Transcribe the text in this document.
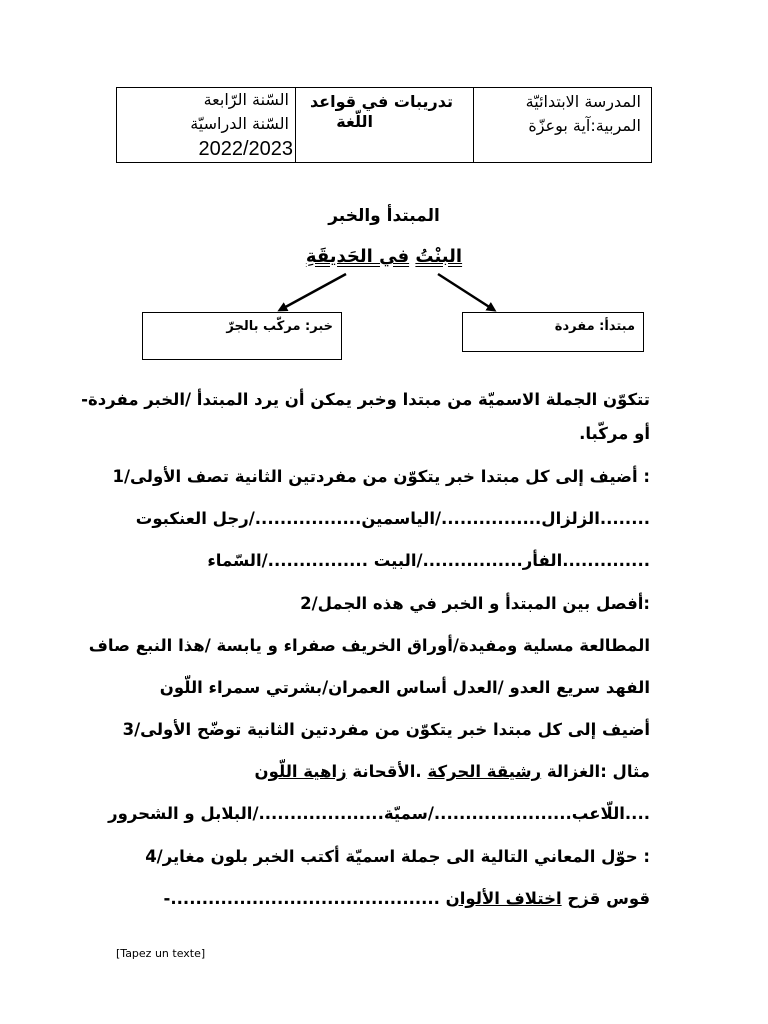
المدرسة الابتدائيّة
المربية:آية بوعزّة
تدريبات في قواعد
اللّغة
السّنة الرّابعة
السّنة الدراسيّة
2022/2023
المبتدأ والخبر
البنْتُ في الحَديقَةِ
خبر: مركّب بالجرّ	مبتدأ: مفردة
تتكوّن الجملة الاسميّة من مبتدا وخبر يمكن أن يرد المبتدأ /الخبر مفردة-
أو مركّبا.
: أضيف إلى كل مبتدا خبر يتكوّن من مفردتين الثانية تصف الأولى/1
........الزلزال................/الياسمين................./رجل العنكبوت
..............الفأر................/البيت ................/السّماء
:أفصل بين المبتدأ و الخبر في هذه الجمل/2
المطالعة مسلية ومفيدة/أوراق الخريف صفراء و يابسة /هذا النبع صاف
الفهد سريع العدو /العدل أساس العمران/بشرتي سمراء اللّون
أضيف إلى كل مبتدا خبر يتكوّن من مفردتين الثانية توضّح الأولى/3
مثال :الغزالة رشيقة الحركة .الأقحانة زاهية اللّون
....اللّاعب....................../سميّة..................../البلابل و الشحرور
: حوّل المعاني التالية الى جملة اسميّة أكتب الخبر بلون مغاير/4
قوس قزح اختلاف الألوان ...........................................-
[Tapez un texte]
